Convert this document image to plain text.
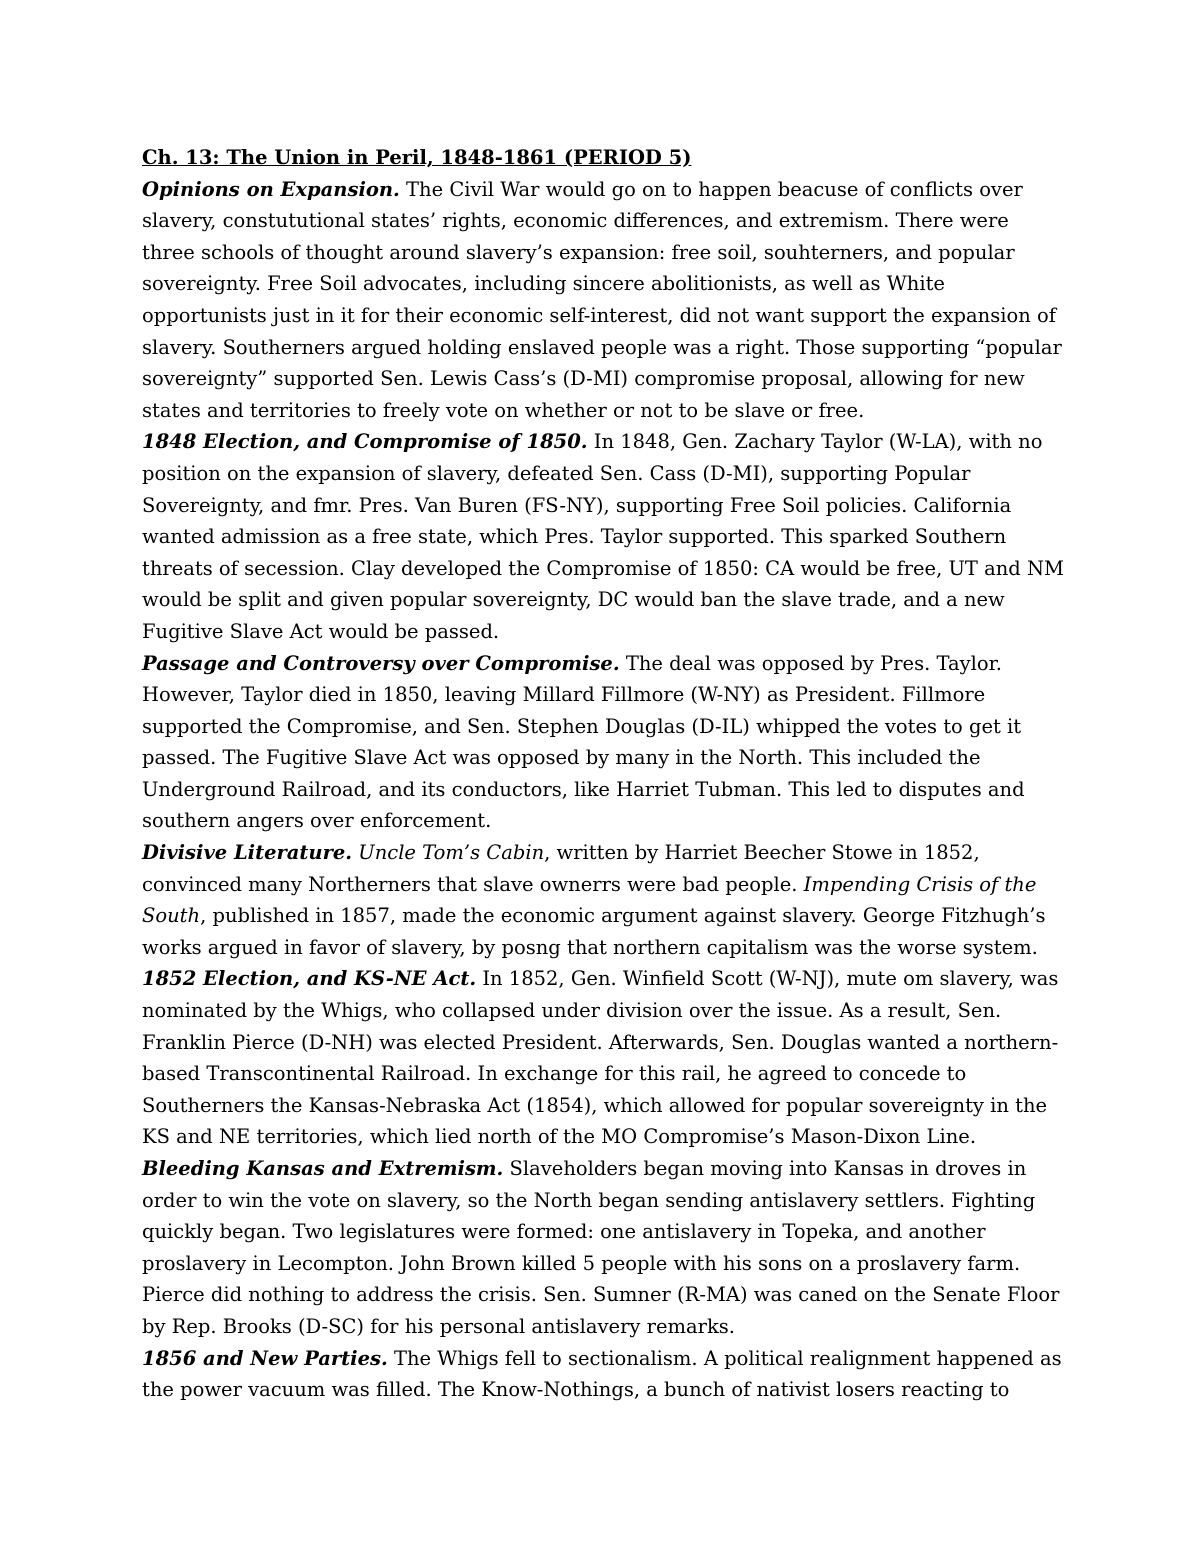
Ch. 13: The Union in Peril, 1848-1861 (PERIOD 5)

Opinions on Expansion. The Civil War would go on to happen beacuse of conflicts over slavery, constututional states’ rights, economic differences, and extremism. There were three schools of thought around slavery’s expansion: free soil, souhterners, and popular sovereignty. Free Soil advocates, including sincere abolitionists, as well as White opportunists just in it for their economic self-interest, did not want support the expansion of slavery. Southerners argued holding enslaved people was a right. Those supporting “popular sovereignty” supported Sen. Lewis Cass’s (D-MI) compromise proposal, allowing for new states and territories to freely vote on whether or not to be slave or free.

1848 Election, and Compromise of 1850. In 1848, Gen. Zachary Taylor (W-LA), with no position on the expansion of slavery, defeated Sen. Cass (D-MI), supporting Popular Sovereignty, and fmr. Pres. Van Buren (FS-NY), supporting Free Soil policies. California wanted admission as a free state, which Pres. Taylor supported. This sparked Southern threats of secession. Clay developed the Compromise of 1850: CA would be free, UT and NM would be split and given popular sovereignty, DC would ban the slave trade, and a new Fugitive Slave Act would be passed.

Passage and Controversy over Compromise. The deal was opposed by Pres. Taylor. However, Taylor died in 1850, leaving Millard Fillmore (W-NY) as President. Fillmore supported the Compromise, and Sen. Stephen Douglas (D-IL) whipped the votes to get it passed. The Fugitive Slave Act was opposed by many in the North. This included the Underground Railroad, and its conductors, like Harriet Tubman. This led to disputes and southern angers over enforcement.

Divisive Literature. Uncle Tom’s Cabin, written by Harriet Beecher Stowe in 1852, convinced many Northerners that slave ownerrs were bad people. Impending Crisis of the South, published in 1857, made the economic argument against slavery. George Fitzhugh’s works argued in favor of slavery, by posng that northern capitalism was the worse system.

1852 Election, and KS-NE Act. In 1852, Gen. Winfield Scott (W-NJ), mute om slavery, was nominated by the Whigs, who collapsed under division over the issue. As a result, Sen. Franklin Pierce (D-NH) was elected President. Afterwards, Sen. Douglas wanted a northern-based Transcontinental Railroad. In exchange for this rail, he agreed to concede to Southerners the Kansas-Nebraska Act (1854), which allowed for popular sovereignty in the KS and NE territories, which lied north of the MO Compromise’s Mason-Dixon Line.

Bleeding Kansas and Extremism. Slaveholders began moving into Kansas in droves in order to win the vote on slavery, so the North began sending antislavery settlers. Fighting quickly began. Two legislatures were formed: one antislavery in Topeka, and another proslavery in Lecompton. John Brown killed 5 people with his sons on a proslavery farm. Pierce did nothing to address the crisis. Sen. Sumner (R-MA) was caned on the Senate Floor by Rep. Brooks (D-SC) for his personal antislavery remarks.

1856 and New Parties. The Whigs fell to sectionalism. A political realignment happened as the power vacuum was filled. The Know-Nothings, a bunch of nativist losers reacting to
